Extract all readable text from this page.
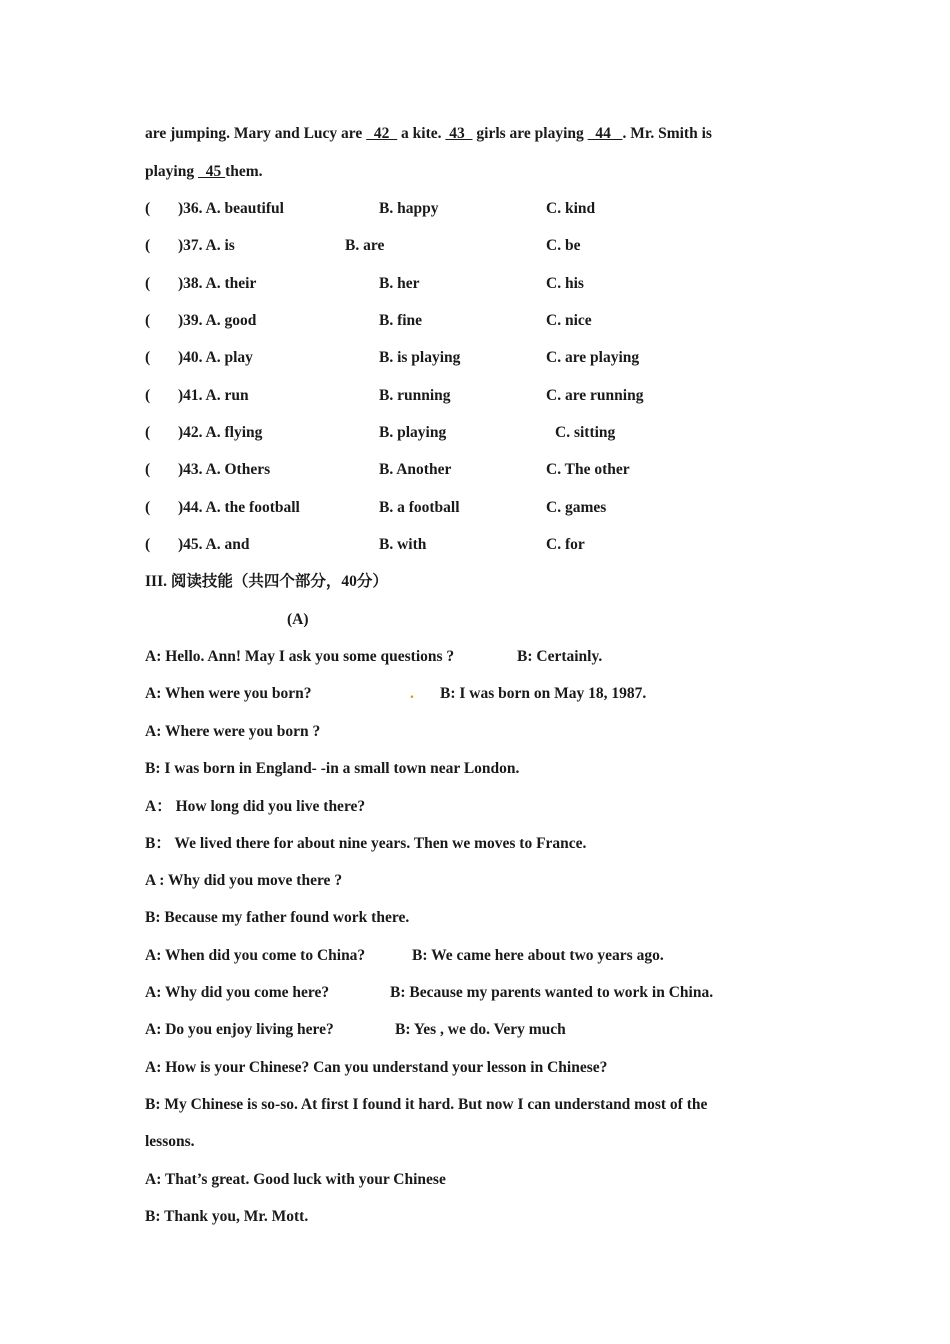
are jumping. Mary and Lucy are   42   a kite.  43   girls are playing   44   . Mr. Smith is
playing   45 them.
( )36. A. beautiful	B. happy	C. kind
( )37. A. is	B. are	C. be
( )38. A. their	B. her	C. his
( )39. A. good	B. fine	C. nice
( )40. A. play	B. is playing	C. are playing
( )41. A. run	B. running	C. are running
( )42. A. flying	B. playing	C. sitting
( )43. A. Others	B. Another	C. The other
( )44. A. the football	B. a football	C. games
( )45. A. and	B. with	C. for
III. 阅读技能（共四个部分，40分）
(A)
A: Hello. Ann! May I ask you some questions ?	B: Certainly.
A: When were you born?	. B: I was born on May 18, 1987.
A: Where were you born ?
B: I was born in England- -in a small town near London.
A： How long did you live there?
B： We lived there for about nine years. Then we moves to France.
A : Why did you move there ?
B: Because my father found work there.
A: When did you come to China?	B: We came here about two years ago.
A: Why did you come here?	B: Because my parents wanted to work in China.
A: Do you enjoy living here?	B: Yes , we do. Very much
A: How is your Chinese? Can you understand your lesson in Chinese?
B: My Chinese is so-so. At first I found it hard. But now I can understand most of the
lessons.
A: That’s great. Good luck with your Chinese
B: Thank you, Mr. Mott.
